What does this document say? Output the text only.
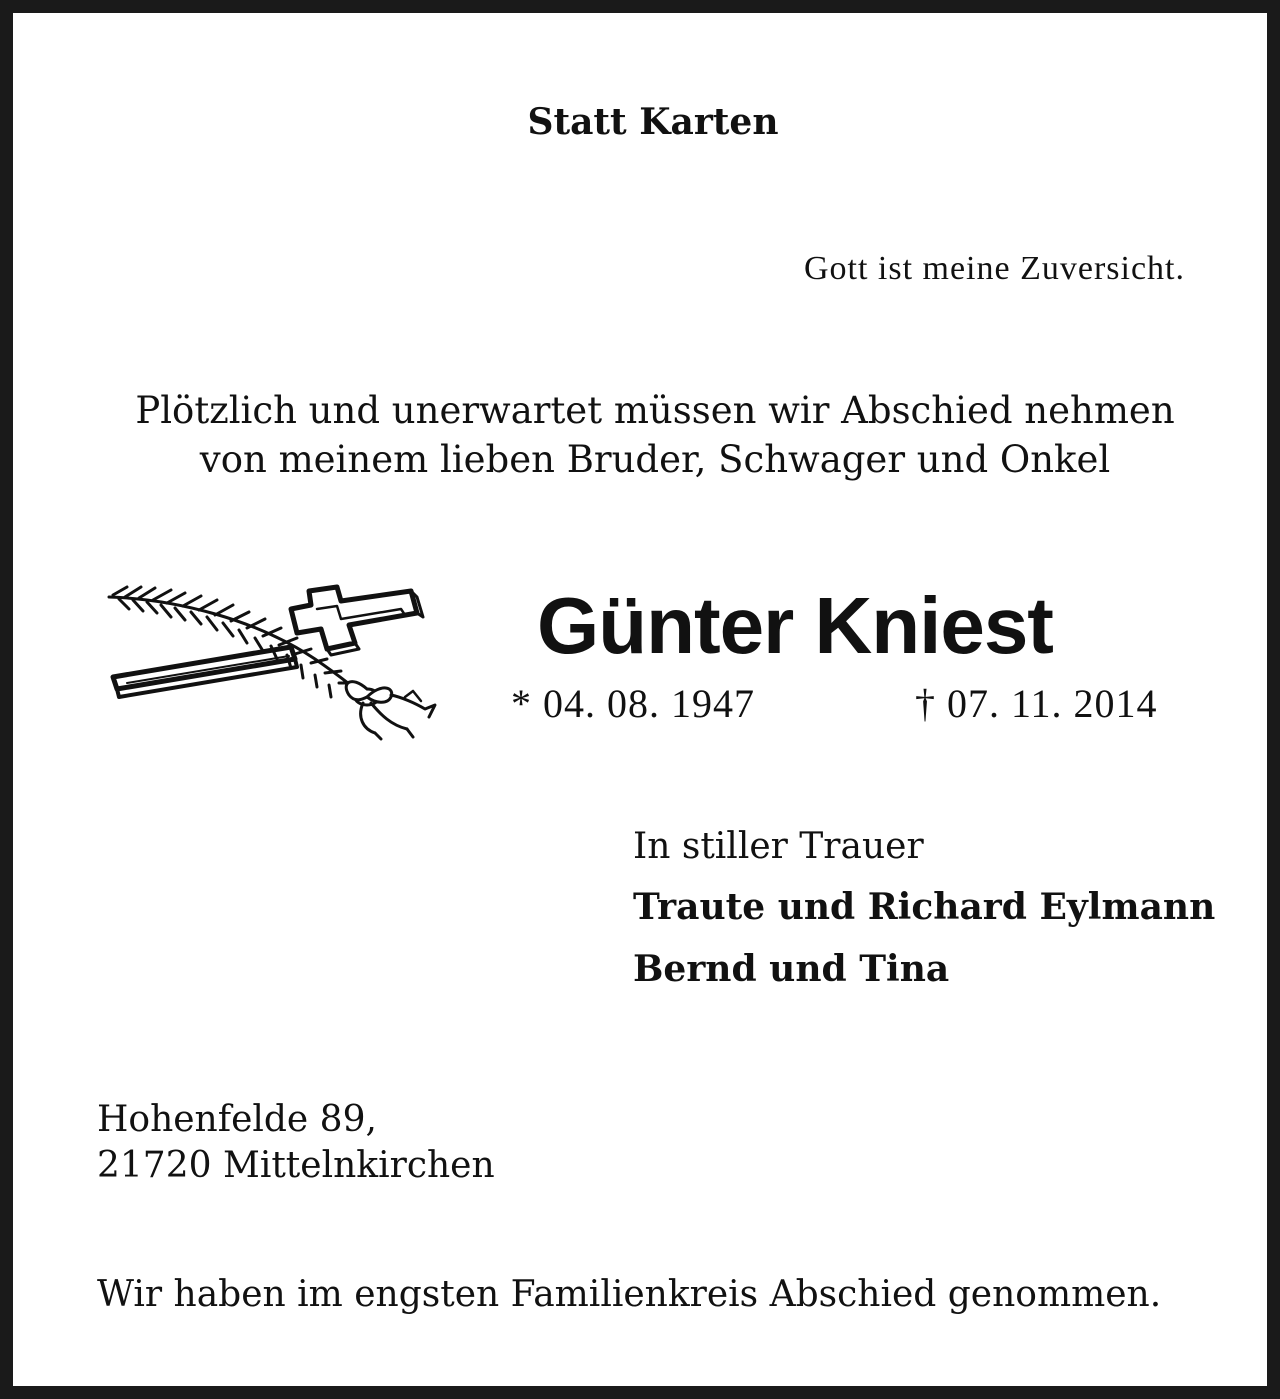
Statt Karten
Gott ist meine Zuversicht.
Plötzlich und unerwartet müssen wir Abschied nehmen
von meinem lieben Bruder, Schwager und Onkel
Günter Kniest
* 04. 08. 1947	† 07. 11. 2014
In stiller Trauer
Traute und Richard Eylmann
Bernd und Tina
Hohenfelde 89,
21720 Mittelnkirchen
Wir haben im engsten Familienkreis Abschied genommen.
